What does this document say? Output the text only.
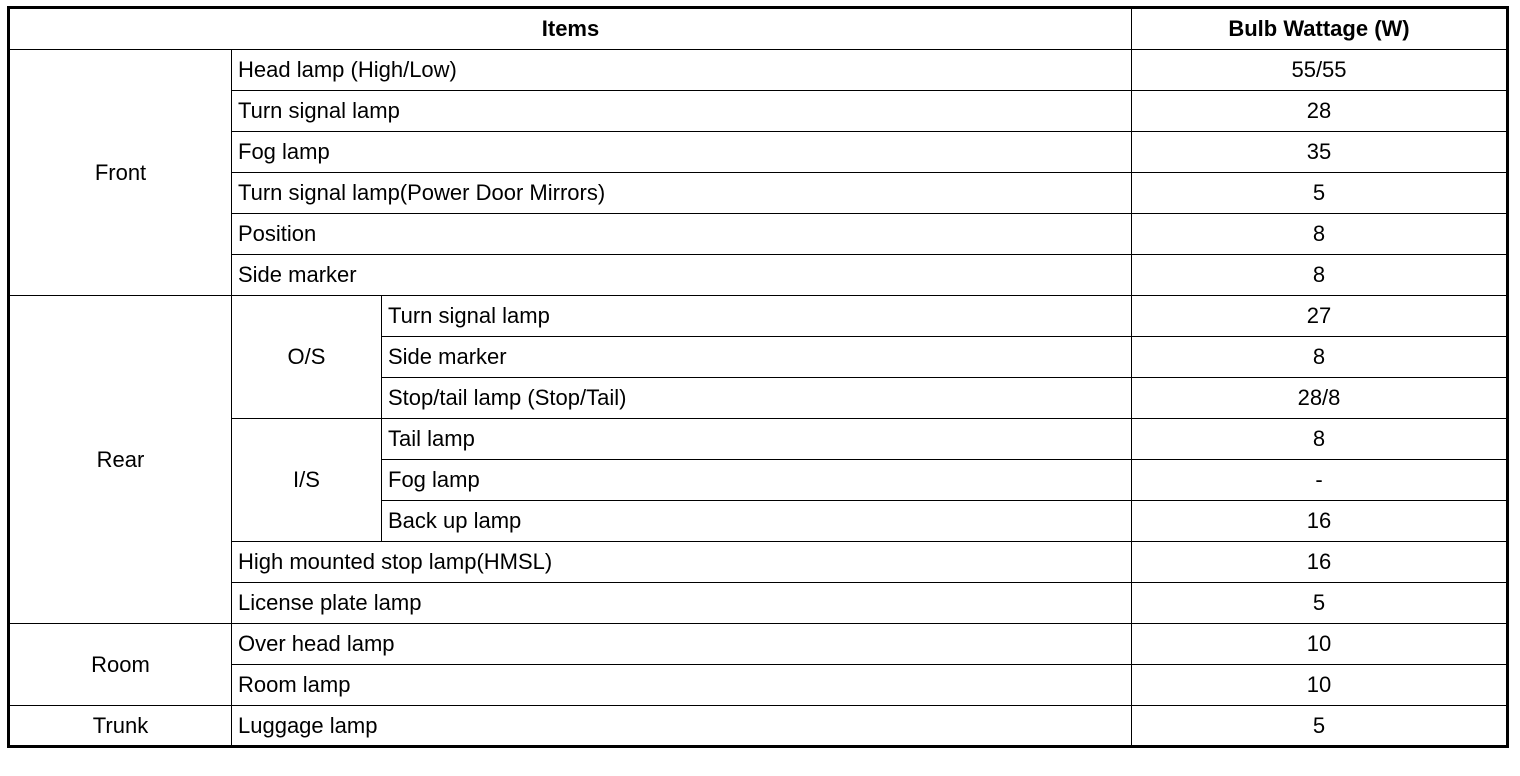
Items			Bulb Wattage (W)
Front	Head lamp (High/Low)		55/55
	Turn signal lamp		28
	Fog lamp		35
	Turn signal lamp(Power Door Mirrors)		5
	Position		8
	Side marker		8
Rear	O/S	Turn signal lamp	27
		Side marker	8
		Stop/tail lamp (Stop/Tail)	28/8
	I/S	Tail lamp	8
		Fog lamp	-
		Back up lamp	16
	High mounted stop lamp(HMSL)		16
	License plate lamp		5
Room	Over head lamp		10
	Room lamp		10
Trunk	Luggage lamp		5
